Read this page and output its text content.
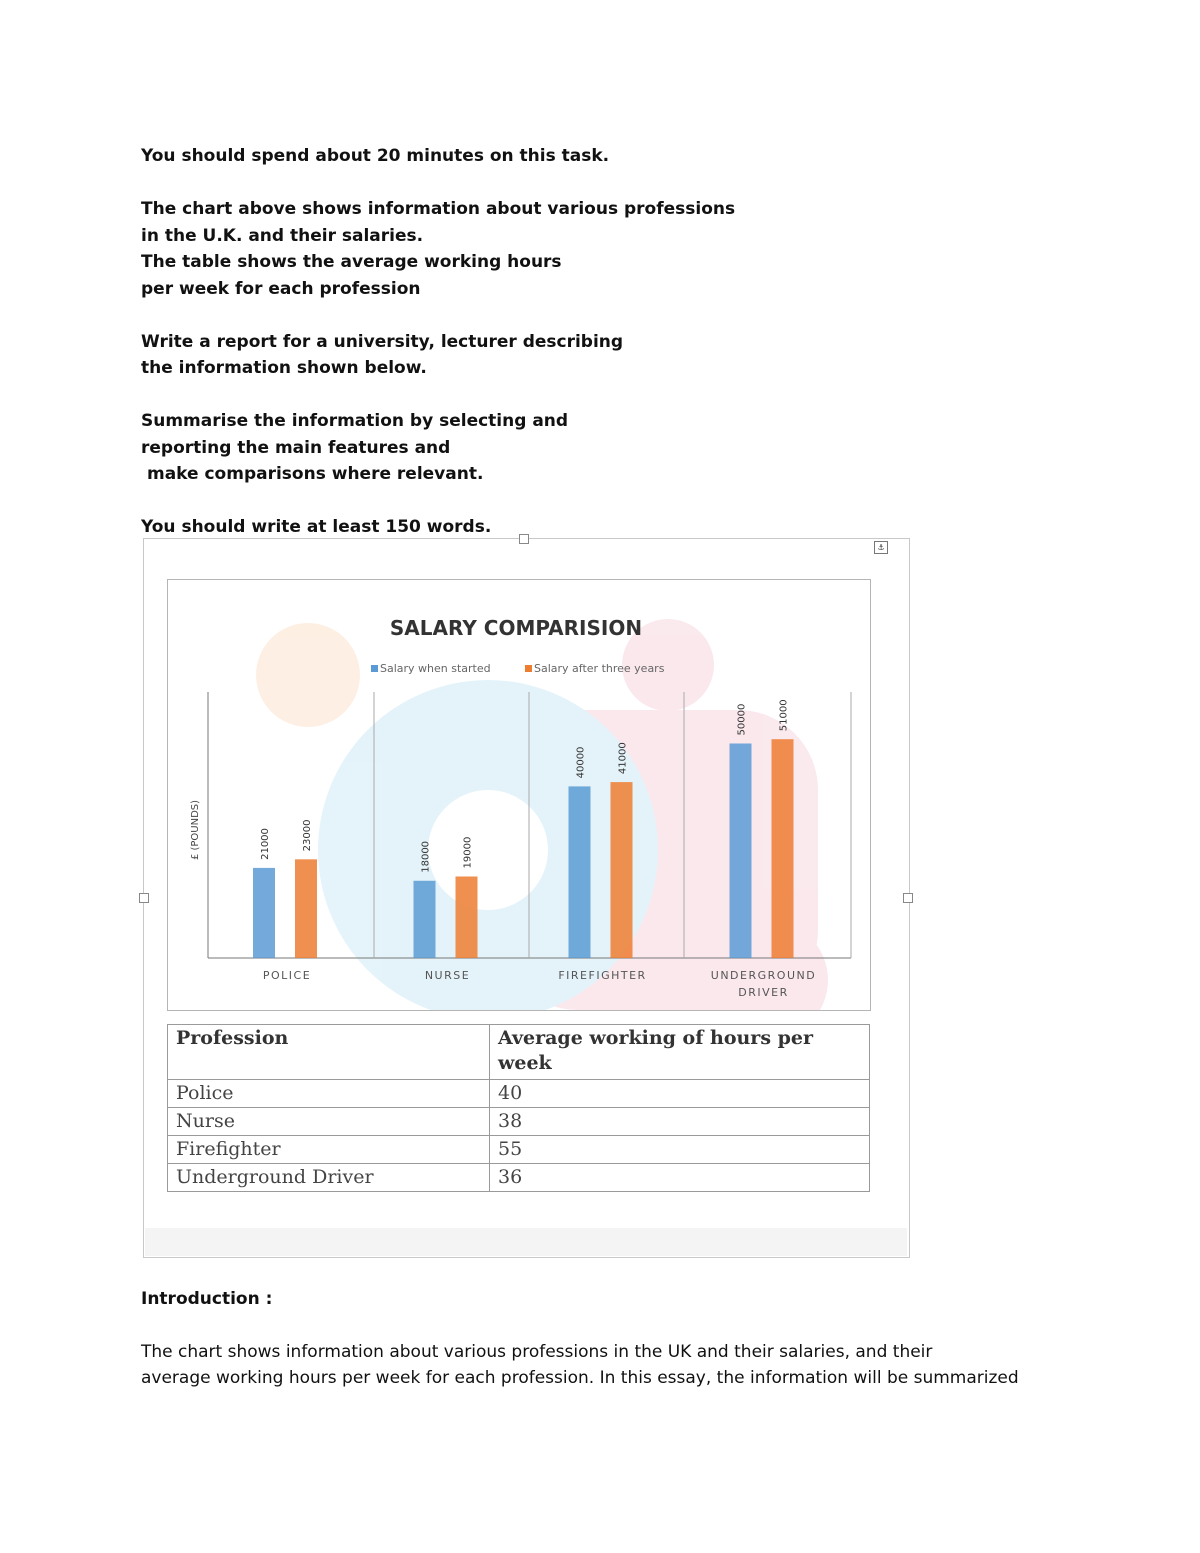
You should spend about 20 minutes on this task.

The chart above shows information about various professions

in the U.K. and their salaries.

The table shows the average working hours

per week for each profession

Write a report for a university, lecturer describing

the information shown below.

Summarise the information by selecting and

reporting the main features and

make comparisons where relevant.

You should write at least 150 words.

⚓
SALARY COMPARISION
Salary when started	Salary after three years
21000	23000
18000	19000
40000	41000
50000	51000
POLICE	NURSE	FIREFIGHTER	UNDERGROUND
DRIVER
£ (POUNDS)
Profession	Average working of hours per
week
Police	40
Nurse	38
Firefighter	55
Underground Driver	36
Introduction :

The chart shows information about various professions in the UK and their salaries, and their
average working hours per week for each profession. In this essay, the information will be summarized
